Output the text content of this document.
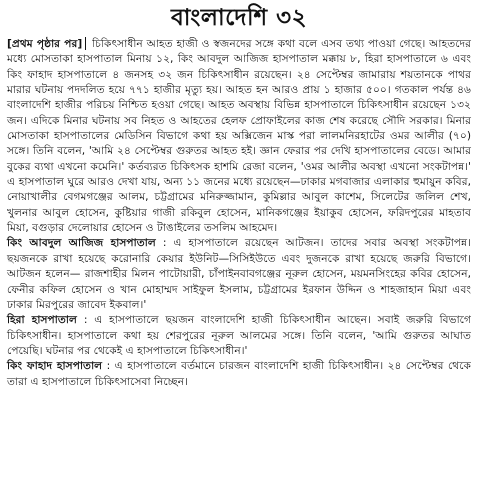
বাংলাদেশি ৩২

[প্রথম পৃষ্ঠার পর] চিকিৎসাধীন আহত হাজী ও স্বজনদের সঙ্গে কথা বলে এসব তথ্য পাওয়া গেছে। আহতদের মধ্যে মোসতাকা হাসপাতাল মিনায় ১২, কিং আবদুল আজিজ হাসপাতাল মক্কায় ৮, হিরা হাসপাতালে ৬ এবং কিং ফাহাদ হাসপাতালে ৪ জনসহ ৩২ জন চিকিৎসাধীন রয়েছেন। ২৪ সেপ্টেম্বর জামারায় শয়তানকে পাথর মারার ঘটনায় পদদলিত হয়ে ৭৭১ হাজীর মৃত্যু হয়। আহত হন আরও প্রায় ১ হাজার ৫০০। গতকাল পর্যন্ত ৪৬ বাংলাদেশি হাজীর পরিচয় নিশ্চিত হওয়া গেছে। আহত অবস্থায় বিভিন্ন হাসপাতালে চিকিৎসাধীন রয়েছেন ১৩২ জন। এদিকে মিনার ঘটনায় সব নিহত ও আহতের হেলফ প্রোফাইলের কাজ শেষ করেছে সৌদি সরকার। মিনার মোসতাকা হাসপাতালের মেডিসিন বিভাগে কথা হয় অক্সিজেন মাস্ক পরা লালমনিরহাটের ওমর আলীর (৭০) সঙ্গে। তিনি বলেন, 'আমি ২৪ সেপ্টেম্বর গুরুতর আহত হই। জ্ঞান ফেরার পর দেখি হাসপাতালের বেডে। আমার বুকের ব্যথা এখনো কমেনি।' কর্তব্যরত চিকিৎসক হাশমি রেজা বলেন, 'ওমর আলীর অবস্থা এখনো সংকটাপন্ন।' এ হাসপাতাল ঘুরে আরও দেখা যায়, অন্য ১১ জনের মধ্যে রয়েছেন—ঢাকার মগবাজার এলাকার হুমায়ুন কবির, নোয়াখালীর বেগমগঞ্জের আলম, চট্টগ্রামের মনিরুজ্জামান, কুমিল্লার আবুল কাশেম, সিলেটের জলিল শেখ, খুলনার আবুল হোসেন, কুষ্টিয়ার গাজী রকিবুল হোসেন, মানিকগঞ্জের ইয়াকুব হোসেন, ফরিদপুরের মাহতাব মিয়া, বগুড়ার দেলোয়ার হোসেন ও টাঙাইলের তসলিম আহমেদ।

কিং আবদুল আজিজ হাসপাতাল : এ হাসপাতালে রয়েছেন আটজন। তাদের সবার অবস্থা সংকটাপন্ন। ছয়জনকে রাখা হয়েছে করোনারি কেয়ার ইউনিট—সিসিইউতে এবং দুজনকে রাখা হয়েছে জরুরি বিভাগে। আটজন হলেন— রাজশাহীর মিলন পাটোয়ারী, চাঁপাইনবাবগঞ্জের নূরুল হোসেন, ময়মনসিংহের কবির হোসেন, ফেনীর কফিল হোসেন ও খান মোহাম্মদ সাইফুল ইসলাম, চট্টগ্রামের ইরফান উদ্দিন ও শাহজাহান মিয়া এবং ঢাকার মিরপুরের জাবেদ ইকবাল।'

হিরা হাসপাতাল : এ হাসপাতালে ছয়জন বাংলাদেশি হাজী চিকিৎসাধীন আছেন। সবাই জরুরি বিভাগে চিকিৎসাধীন। হাসপাতালে কথা হয় শেরপুরের নূরুল আলমের সঙ্গে। তিনি বলেন, 'আমি গুরুতর আঘাত পেয়েছি। ঘটনার পর থেকেই এ হাসপাতালে চিকিৎসাধীন।'

কিং ফাহাদ হাসপাতাল : এ হাসপাতালে বর্তমানে চারজন বাংলাদেশি হাজী চিকিৎসাধীন। ২৪ সেপ্টেম্বর থেকে তারা এ হাসপাতালে চিকিৎসাসেবা নিচ্ছেন।
